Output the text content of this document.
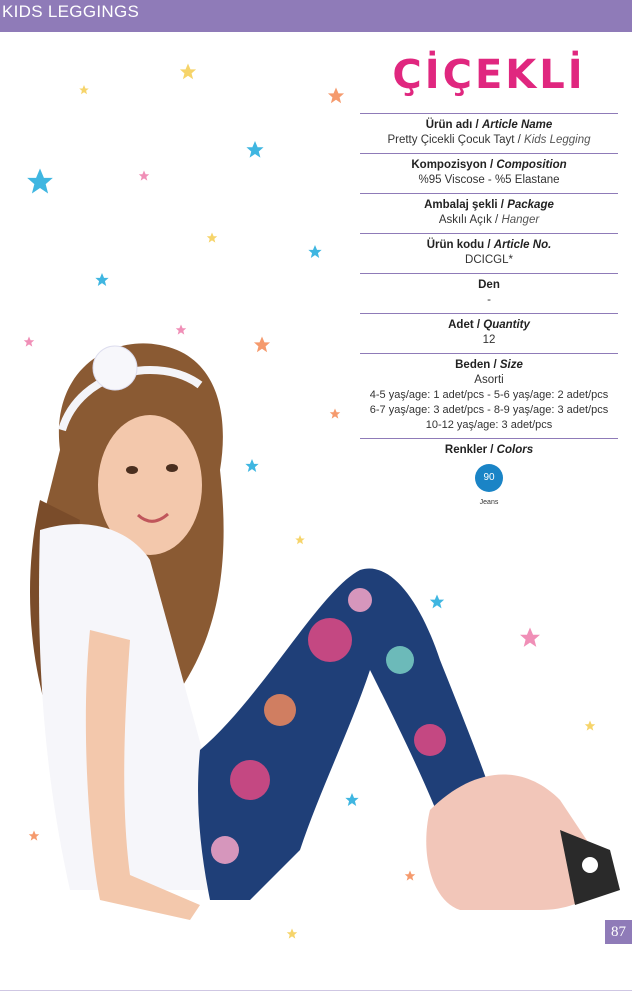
KIDS LEGGINGS
ÇİÇEKLİ
Ürün adı / Article Name
Pretty Çicekli Çocuk Tayt / Kids Legging
Kompozisyon / Composition
%95 Viscose - %5 Elastane
Ambalaj şekli / Package
Askılı Açık / Hanger
Ürün kodu / Article No.
DCICGL*
Den
-
Adet / Quantity
12
Beden / Size
Asorti
4-5 yaş/age: 1 adet/pcs - 5-6 yaş/age: 2 adet/pcs
6-7 yaş/age: 3 adet/pcs - 8-9 yaş/age: 3 adet/pcs
10-12 yaş/age: 3 adet/pcs
Renkler / Colors
90
Jeans
87
